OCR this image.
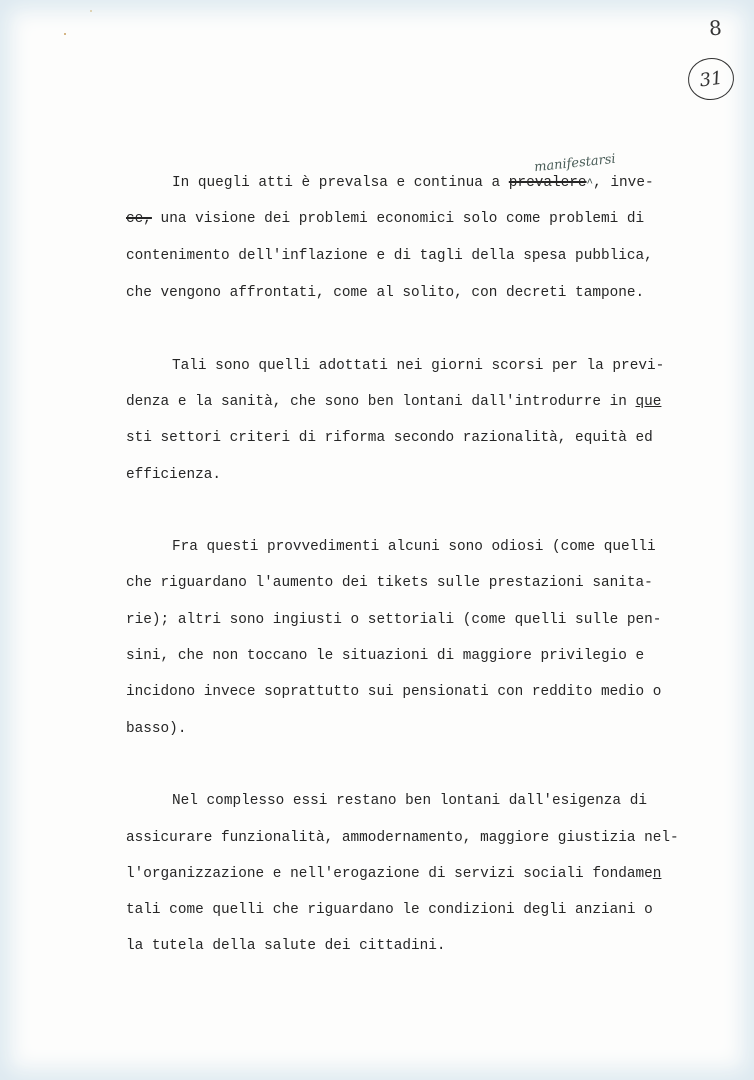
8
31
manifestarsi
In quegli atti è prevalsa e continua a prevalere^, inve-
ce, una visione dei problemi economici solo come problemi di
contenimento dell'inflazione e di tagli della spesa pubblica,
che vengono affrontati, come al solito, con decreti tampone.
Tali sono quelli adottati nei giorni scorsi per la previ-
denza e la sanità, che sono ben lontani dall'introdurre in que
sti settori criteri di riforma secondo razionalità, equità ed
efficienza.
Fra questi provvedimenti alcuni sono odiosi (come quelli
che riguardano l'aumento dei tikets sulle prestazioni sanita-
rie); altri sono ingiusti o settoriali (come quelli sulle pen-
sini, che non toccano le situazioni di maggiore privilegio e
incidono invece soprattutto sui pensionati con reddito medio o
basso).
Nel complesso essi restano ben lontani dall'esigenza di
assicurare funzionalità, ammodernamento, maggiore giustizia nel-
l'organizzazione e nell'erogazione di servizi sociali fondamen
tali come quelli che riguardano le condizioni degli anziani o
la tutela della salute dei cittadini.
